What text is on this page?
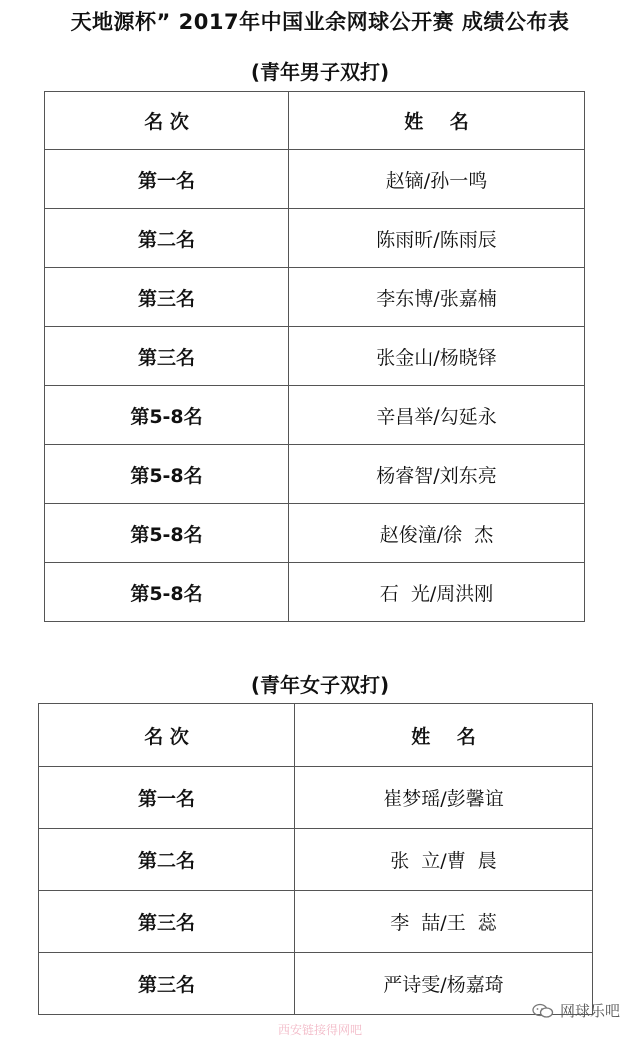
天地源杯” 2017年中国业余网球公开赛 成绩公布表
(青年男子双打)
名 次	姓    名
第一名	赵镝/孙一鸣
第二名	陈雨昕/陈雨辰
第三名	李东博/张嘉楠
第三名	张金山/杨晓铎
第5-8名	辛昌举/勾延永
第5-8名	杨睿智/刘东亮
第5-8名	赵俊潼/徐  杰
第5-8名	石  光/周洪刚
(青年女子双打)
名 次	姓    名
第一名	崔梦瑶/彭馨谊
第二名	张  立/曹  晨
第三名	李  喆/王  蕊
第三名	严诗雯/杨嘉琦
网球乐吧
西安链接得网吧
